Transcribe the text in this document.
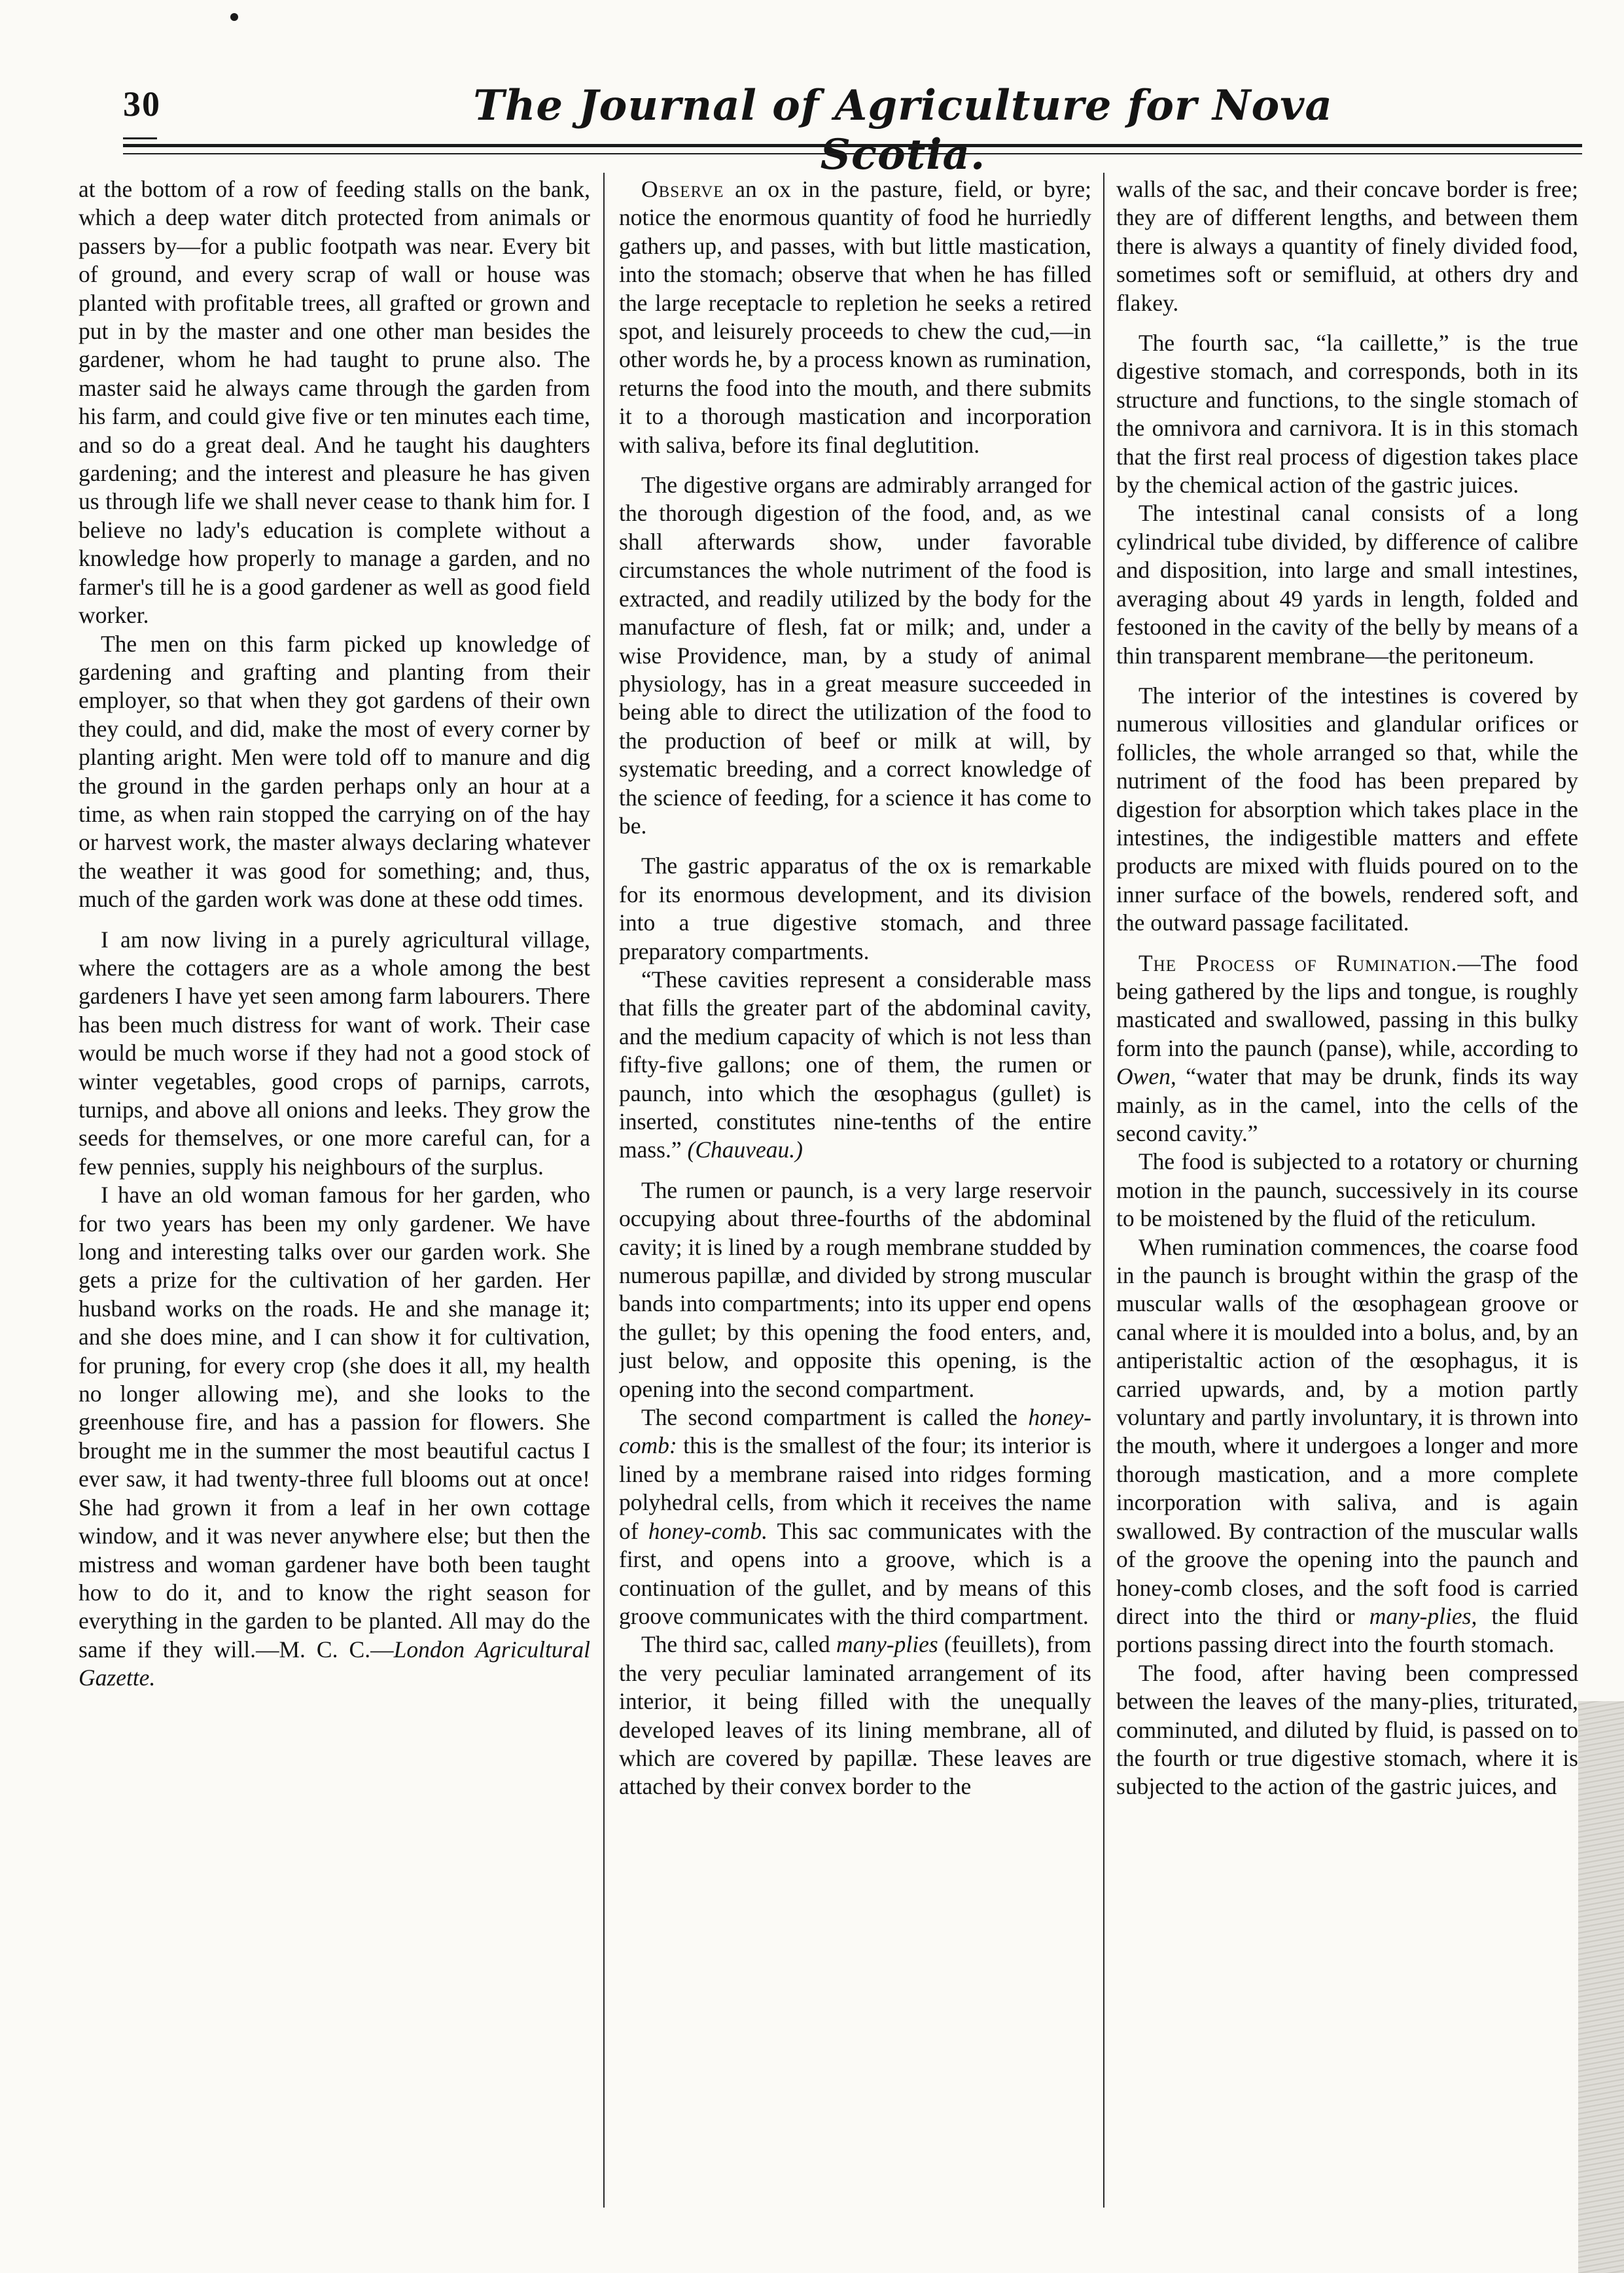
30	The Journal of Agriculture for Nova Scotia.

at the bottom of a row of feeding stalls on the bank, which a deep water ditch protected from animals or passers by—for a public footpath was near. Every bit of ground, and every scrap of wall or house was planted with profitable trees, all grafted or grown and put in by the master and one other man besides the gardener, whom he had taught to prune also. The master said he always came through the garden from his farm, and could give five or ten minutes each time, and so do a great deal. And he taught his daughters gardening; and the interest and pleasure he has given us through life we shall never cease to thank him for. I believe no lady's education is complete without a knowledge how properly to manage a garden, and no farmer's till he is a good gardener as well as good field worker.

The men on this farm picked up knowledge of gardening and grafting and planting from their employer, so that when they got gardens of their own they could, and did, make the most of every corner by planting aright. Men were told off to manure and dig the ground in the garden perhaps only an hour at a time, as when rain stopped the carrying on of the hay or harvest work, the master always declaring whatever the weather it was good for something; and, thus, much of the garden work was done at these odd times.

I am now living in a purely agricultural village, where the cottagers are as a whole among the best gardeners I have yet seen among farm labourers. There has been much distress for want of work. Their case would be much worse if they had not a good stock of winter vegetables, good crops of parnips, carrots, turnips, and above all onions and leeks. They grow the seeds for themselves, or one more careful can, for a few pennies, supply his neighbours of the surplus.

I have an old woman famous for her garden, who for two years has been my only gardener. We have long and interesting talks over our garden work. She gets a prize for the cultivation of her garden. Her husband works on the roads. He and she manage it; and she does mine, and I can show it for cultivation, for pruning, for every crop (she does it all, my health no longer allowing me), and she looks to the greenhouse fire, and has a passion for flowers. She brought me in the summer the most beautiful cactus I ever saw, it had twenty-three full blooms out at once! She had grown it from a leaf in her own cottage window, and it was never anywhere else; but then the mistress and woman gardener have both been taught how to do it, and to know the right season for everything in the garden to be planted. All may do the same if they will.—M. C. C.—London Agricultural Gazette.

Observe an ox in the pasture, field, or byre; notice the enormous quantity of food he hurriedly gathers up, and passes, with but little mastication, into the stomach; observe that when he has filled the large receptacle to repletion he seeks a retired spot, and leisurely proceeds to chew the cud,—in other words he, by a process known as rumination, returns the food into the mouth, and there submits it to a thorough mastication and incorporation with saliva, before its final deglutition.

The digestive organs are admirably arranged for the thorough digestion of the food, and, as we shall afterwards show, under favorable circumstances the whole nutriment of the food is extracted, and readily utilized by the body for the manufacture of flesh, fat or milk; and, under a wise Providence, man, by a study of animal physiology, has in a great measure succeeded in being able to direct the utilization of the food to the production of beef or milk at will, by systematic breeding, and a correct knowledge of the science of feeding, for a science it has come to be.

The gastric apparatus of the ox is remarkable for its enormous development, and its division into a true digestive stomach, and three preparatory compartments.

“These cavities represent a considerable mass that fills the greater part of the abdominal cavity, and the medium capacity of which is not less than fifty-five gallons; one of them, the rumen or paunch, into which the œsophagus (gullet) is inserted, constitutes nine-tenths of the entire mass.” (Chauveau.)

The rumen or paunch, is a very large reservoir occupying about three-fourths of the abdominal cavity; it is lined by a rough membrane studded by numerous papillæ, and divided by strong muscular bands into compartments; into its upper end opens the gullet; by this opening the food enters, and, just below, and opposite this opening, is the opening into the second compartment.

The second compartment is called the honey-comb: this is the smallest of the four; its interior is lined by a membrane raised into ridges forming polyhedral cells, from which it receives the name of honey-comb. This sac communicates with the first, and opens into a groove, which is a continuation of the gullet, and by means of this groove communicates with the third compartment.

The third sac, called many-plies (feuillets), from the very peculiar laminated arrangement of its interior, it being filled with the unequally developed leaves of its lining membrane, all of which are covered by papillæ. These leaves are attached by their convex border to the

walls of the sac, and their concave border is free; they are of different lengths, and between them there is always a quantity of finely divided food, sometimes soft or semifluid, at others dry and flakey.

The fourth sac, “la caillette,” is the true digestive stomach, and corresponds, both in its structure and functions, to the single stomach of the omnivora and carnivora. It is in this stomach that the first real process of digestion takes place by the chemical action of the gastric juices.

The intestinal canal consists of a long cylindrical tube divided, by difference of calibre and disposition, into large and small intestines, averaging about 49 yards in length, folded and festooned in the cavity of the belly by means of a thin transparent membrane—the peritoneum.

The interior of the intestines is covered by numerous villosities and glandular orifices or follicles, the whole arranged so that, while the nutriment of the food has been prepared by digestion for absorption which takes place in the intestines, the indigestible matters and effete products are mixed with fluids poured on to the inner surface of the bowels, rendered soft, and the outward passage facilitated.

The Process of Rumination.—The food being gathered by the lips and tongue, is roughly masticated and swallowed, passing in this bulky form into the paunch (panse), while, according to Owen, “water that may be drunk, finds its way mainly, as in the camel, into the cells of the second cavity.”

The food is subjected to a rotatory or churning motion in the paunch, successively in its course to be moistened by the fluid of the reticulum.

When rumination commences, the coarse food in the paunch is brought within the grasp of the muscular walls of the œsophagean groove or canal where it is moulded into a bolus, and, by an antiperistaltic action of the œsophagus, it is carried upwards, and, by a motion partly voluntary and partly involuntary, it is thrown into the mouth, where it undergoes a longer and more thorough mastication, and a more complete incorporation with saliva, and is again swallowed. By contraction of the muscular walls of the groove the opening into the paunch and honey-comb closes, and the soft food is carried direct into the third or many-plies, the fluid portions passing direct into the fourth stomach.

The food, after having been compressed between the leaves of the many-plies, triturated, comminuted, and diluted by fluid, is passed on to the fourth or true digestive stomach, where it is subjected to the action of the gastric juices, and
